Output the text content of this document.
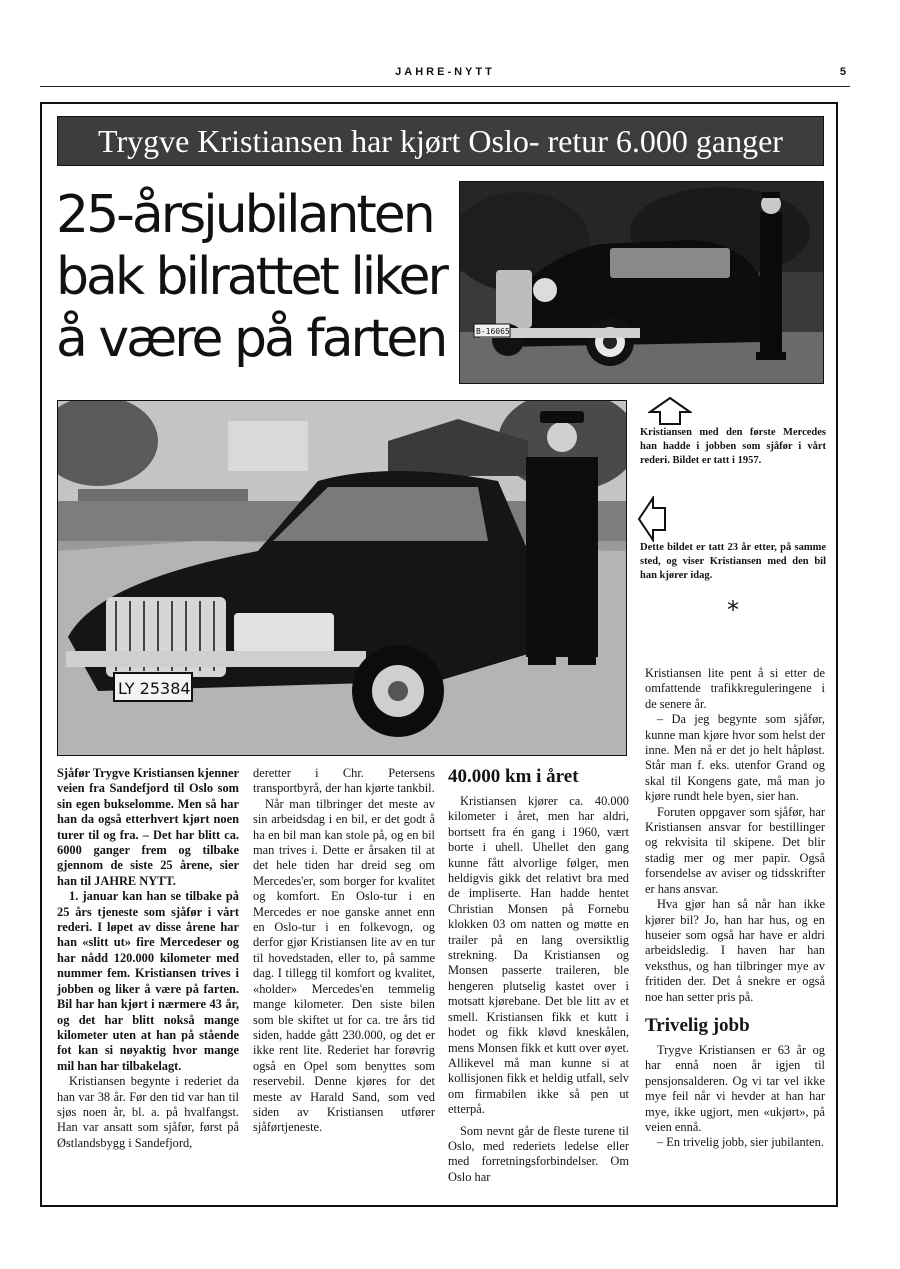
JAHRE-NYTT	5
Trygve Kristiansen har kjørt Oslo- retur 6.000 ganger
25-årsjubilanten
bak bilrattet liker
å være på farten	B-16065
LY 25384
Kristiansen med den første Mercedes han hadde i jobben som sjåfør i vårt rederi. Bildet er tatt i 1957.
Dette bildet er tatt 23 år etter, på samme sted, og viser Kristiansen med den bil han kjører idag.
*

Sjåfør Trygve Kristiansen kjenner veien fra Sandefjord til Oslo som sin egen bukselomme. Men så har han da også etterhvert kjørt noen turer til og fra. – Det har blitt ca. 6000 ganger frem og tilbake gjennom de siste 25 årene, sier han til JAHRE NYTT.

1. januar kan han se tilbake på 25 års tjeneste som sjåfør i vårt rederi. I løpet av disse årene har han «slitt ut» fire Mercedeser og har nådd 120.000 kilometer med nummer fem. Kristiansen trives i jobben og liker å være på farten. Bil har han kjørt i nærmere 43 år, og det har blitt nokså mange kilometer uten at han på stående fot kan si nøyaktig hvor mange mil han har tilbakelagt.

Kristiansen begynte i rederiet da han var 38 år. Før den tid var han til sjøs noen år, bl. a. på hvalfangst. Han var ansatt som sjåfør, først på Østlandsbygg i Sandefjord,

deretter i Chr. Petersens transportbyrå, der han kjørte tankbil.

Når man tilbringer det meste av sin arbeidsdag i en bil, er det godt å ha en bil man kan stole på, og en bil man trives i. Dette er årsaken til at det hele tiden har dreid seg om Mercedes'er, som borger for kvalitet og komfort. En Oslo-tur i en Mercedes er noe ganske annet enn en Oslo-tur i en folkevogn, og derfor gjør Kristiansen lite av en tur til hovedstaden, eller to, på samme dag. I tillegg til komfort og kvalitet, «holder» Mercedes'en temmelig mange kilometer. Den siste bilen som ble skiftet ut for ca. tre års tid siden, hadde gått 230.000, og det er ikke rent lite. Rederiet har forøvrig også en Opel som benyttes som reservebil. Denne kjøres for det meste av Harald Sand, som ved siden av Kristiansen utfører sjåførtjeneste.

40.000 km i året

Kristiansen kjører ca. 40.000 kilometer i året, men har aldri, bortsett fra én gang i 1960, vært borte i uhell. Uhellet den gang kunne fått alvorlige følger, men heldigvis gikk det relativt bra med de impliserte. Han hadde hentet Christian Monsen på Fornebu klokken 03 om natten og møtte en trailer på en lang oversiktlig strekning. Da Kristiansen og Monsen passerte traileren, ble hengeren plutselig kastet over i motsatt kjørebane. Det ble litt av et smell. Kristiansen fikk et kutt i hodet og fikk kløvd kneskålen, mens Monsen fikk et kutt over øyet. Allikevel må man kunne si at kollisjonen fikk et heldig utfall, selv om firmabilen ikke så pen ut etterpå.

Som nevnt går de fleste turene til Oslo, med rederiets ledelse eller med forretningsforbindelser. Om Oslo har

Kristiansen lite pent å si etter de omfattende trafikkreguleringene i de senere år.

– Da jeg begynte som sjåfør, kunne man kjøre hvor som helst der inne. Men nå er det jo helt håpløst. Står man f. eks. utenfor Grand og skal til Kongens gate, må man jo kjøre rundt hele byen, sier han.

Foruten oppgaver som sjåfør, har Kristiansen ansvar for bestillinger og rekvisita til skipene. Det blir stadig mer og mer papir. Også forsendelse av aviser og tidsskrifter er hans ansvar.

Hva gjør han så når han ikke kjører bil? Jo, han har hus, og en huseier som også har have er aldri arbeidsledig. I haven har han veksthus, og han tilbringer mye av fritiden der. Det å snekre er også noe han setter pris på.

Trivelig jobb

Trygve Kristiansen er 63 år og har ennå noen år igjen til pensjonsalderen. Og vi tar vel ikke mye feil når vi hevder at han har mye, ikke ugjort, men «ukjørt», på veien ennå.

– En trivelig jobb, sier jubilanten.
